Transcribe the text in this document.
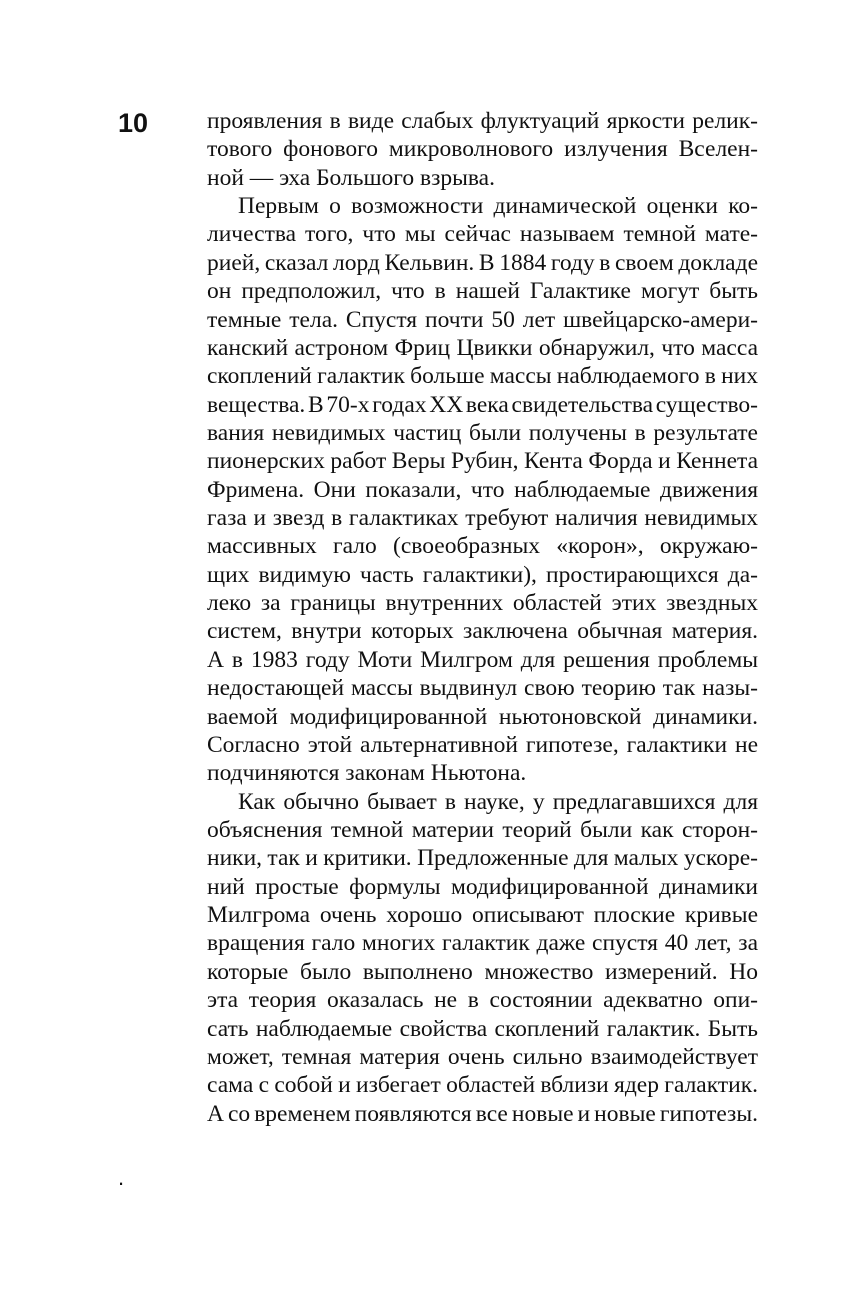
10	проявления в виде слабых флуктуаций яркости релик-
тового фонового микроволнового излучения Вселен-
ной — эха Большого взрыва.
Первым о возможности динамической оценки ко-
личества того, что мы сейчас называем темной мате-
рией, сказал лорд Кельвин. В 1884 году в своем докладе
он предположил, что в нашей Галактике могут быть
темные тела. Спустя почти 50 лет швейцарско-амери-
канский астроном Фриц Цвикки обнаружил, что масса
скоплений галактик больше массы наблюдаемого в них
вещества. В 70-х годах XX века свидетельства существо-
вания невидимых частиц были получены в результате
пионерских работ Веры Рубин, Кента Форда и Кеннета
Фримена. Они показали, что наблюдаемые движения
газа и звезд в галактиках требуют наличия невидимых
массивных гало (своеобразных «корон», окружаю-
щих видимую часть галактики), простирающихся да-
леко за границы внутренних областей этих звездных
систем, внутри которых заключена обычная материя.
А в 1983 году Моти Милгром для решения проблемы
недостающей массы выдвинул свою теорию так назы-
ваемой модифицированной ньютоновской динамики.
Согласно этой альтернативной гипотезе, галактики не
подчиняются законам Ньютона.
Как обычно бывает в науке, у предлагавшихся для
объяснения темной материи теорий были как сторон-
ники, так и критики. Предложенные для малых ускоре-
ний простые формулы модифицированной динамики
Милгрома очень хорошо описывают плоские кривые
вращения гало многих галактик даже спустя 40 лет, за
которые было выполнено множество измерений. Но
эта теория оказалась не в состоянии адекватно опи-
сать наблюдаемые свойства скоплений галактик. Быть
может, темная материя очень сильно взаимодействует
сама с собой и избегает областей вблизи ядер галактик.
А со временем появляются все новые и новые гипотезы.
.
